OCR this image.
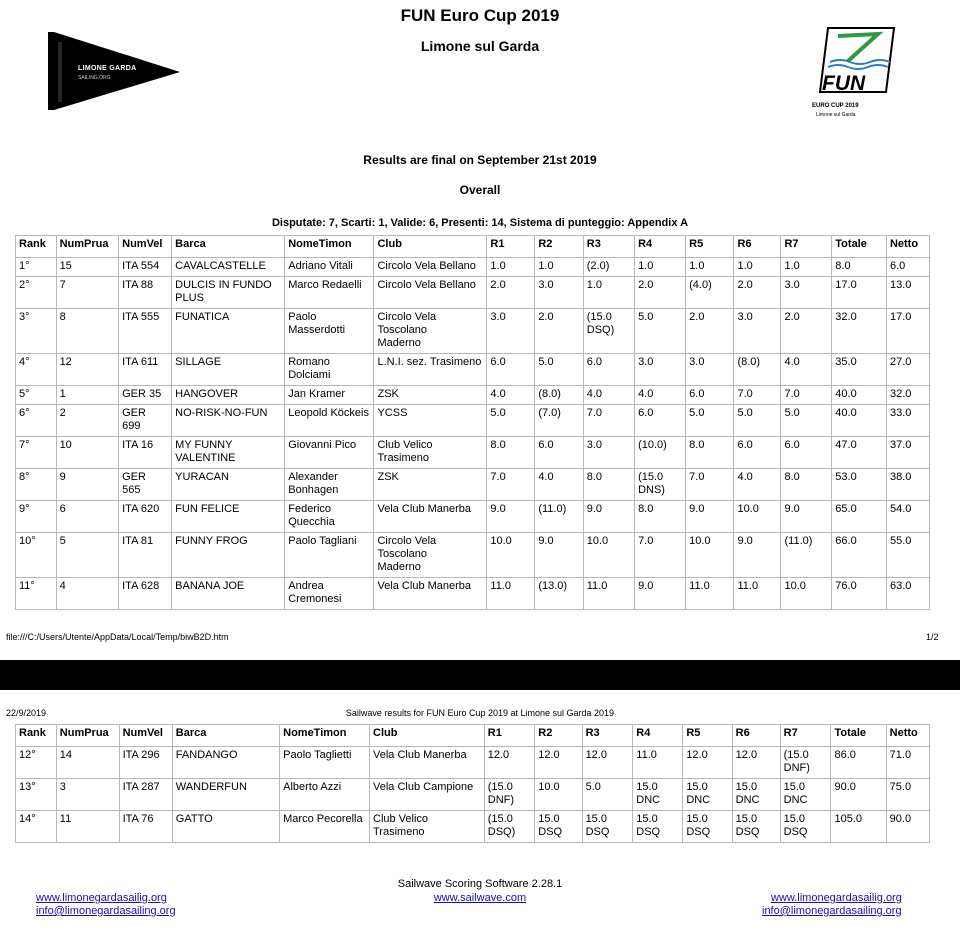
FUN Euro Cup 2019
Limone sul Garda
LIMONE GARDA
SAILING.ORG	FUN
EURO CUP 2019
Limone sul Garda
Results are final on September 21st 2019
Overall
Disputate: 7, Scarti: 1, Valide: 6, Presenti: 14, Sistema di punteggio: Appendix A
Rank	NumPrua	NumVel	Barca	NomeTimon	Club	R1	R2	R3	R4	R5	R6	R7	Totale	Netto
1°	15	ITA 554	CAVALCASTELLE	Adriano Vitali	Circolo Vela Bellano	1.0	1.0	(2.0)	1.0	1.0	1.0	1.0	8.0	6.0
2°	7	ITA 88	DULCIS IN FUNDO
PLUS	Marco Redaelli	Circolo Vela Bellano	2.0	3.0	1.0	2.0	(4.0)	2.0	3.0	17.0	13.0
3°	8	ITA 555	FUNATICA	Paolo
Masserdotti	Circolo Vela Toscolano
Maderno	3.0	2.0	(15.0
DSQ)	5.0	2.0	3.0	2.0	32.0	17.0
4°	12	ITA 611	SILLAGE	Romano
Dolciami	L.N.I. sez. Trasimeno	6.0	5.0	6.0	3.0	3.0	(8.0)	4.0	35.0	27.0
5°	1	GER 35	HANGOVER	Jan Kramer	ZSK	4.0	(8.0)	4.0	4.0	6.0	7.0	7.0	40.0	32.0
6°	2	GER
699	NO-RISK-NO-FUN	Leopold Köckeis	YCSS	5.0	(7.0)	7.0	6.0	5.0	5.0	5.0	40.0	33.0
7°	10	ITA 16	MY FUNNY
VALENTINE	Giovanni Pico	Club Velico Trasimeno	8.0	6.0	3.0	(10.0)	8.0	6.0	6.0	47.0	37.0
8°	9	GER
565	YURACAN	Alexander
Bonhagen	ZSK	7.0	4.0	8.0	(15.0
DNS)	7.0	4.0	8.0	53.0	38.0
9°	6	ITA 620	FUN FELICE	Federico
Quecchia	Vela Club Manerba	9.0	(11.0)	9.0	8.0	9.0	10.0	9.0	65.0	54.0
10°	5	ITA 81	FUNNY FROG	Paolo Tagliani	Circolo Vela Toscolano
Maderno	10.0	9.0	10.0	7.0	10.0	9.0	(11.0)	66.0	55.0
11°	4	ITA 628	BANANA JOE	Andrea
Cremonesi	Vela Club Manerba	11.0	(13.0)	11.0	9.0	11.0	11.0	10.0	76.0	63.0
file:///C:/Users/Utente/AppData/Local/Temp/biwB2D.htm	1/2
22/9/2019	Sailwave results for FUN Euro Cup 2019 at Limone sul Garda 2019
Rank	NumPrua	NumVel	Barca	NomeTimon	Club	R1	R2	R3	R4	R5	R6	R7	Totale	Netto
12°	14	ITA 296	FANDANGO	Paolo Taglietti	Vela Club Manerba	12.0	12.0	12.0	11.0	12.0	12.0	(15.0
DNF)	86.0	71.0
13°	3	ITA 287	WANDERFUN	Alberto Azzi	Vela Club Campione	(15.0
DNF)	10.0	5.0	15.0
DNC	15.0
DNC	15.0
DNC	15.0
DNC	90.0	75.0
14°	11	ITA 76	GATTO	Marco Pecorella	Club Velico Trasimeno	(15.0
DSQ)	15.0
DSQ	15.0
DSQ	15.0
DSQ	15.0
DSQ	15.0
DSQ	15.0
DSQ	105.0	90.0
Sailwave Scoring Software 2.28.1
www.sailwave.com
www.limonegardasailig.org
info@limonegardasailing.org
www.limonegardasailig.org
info@limonegardasailing.org
